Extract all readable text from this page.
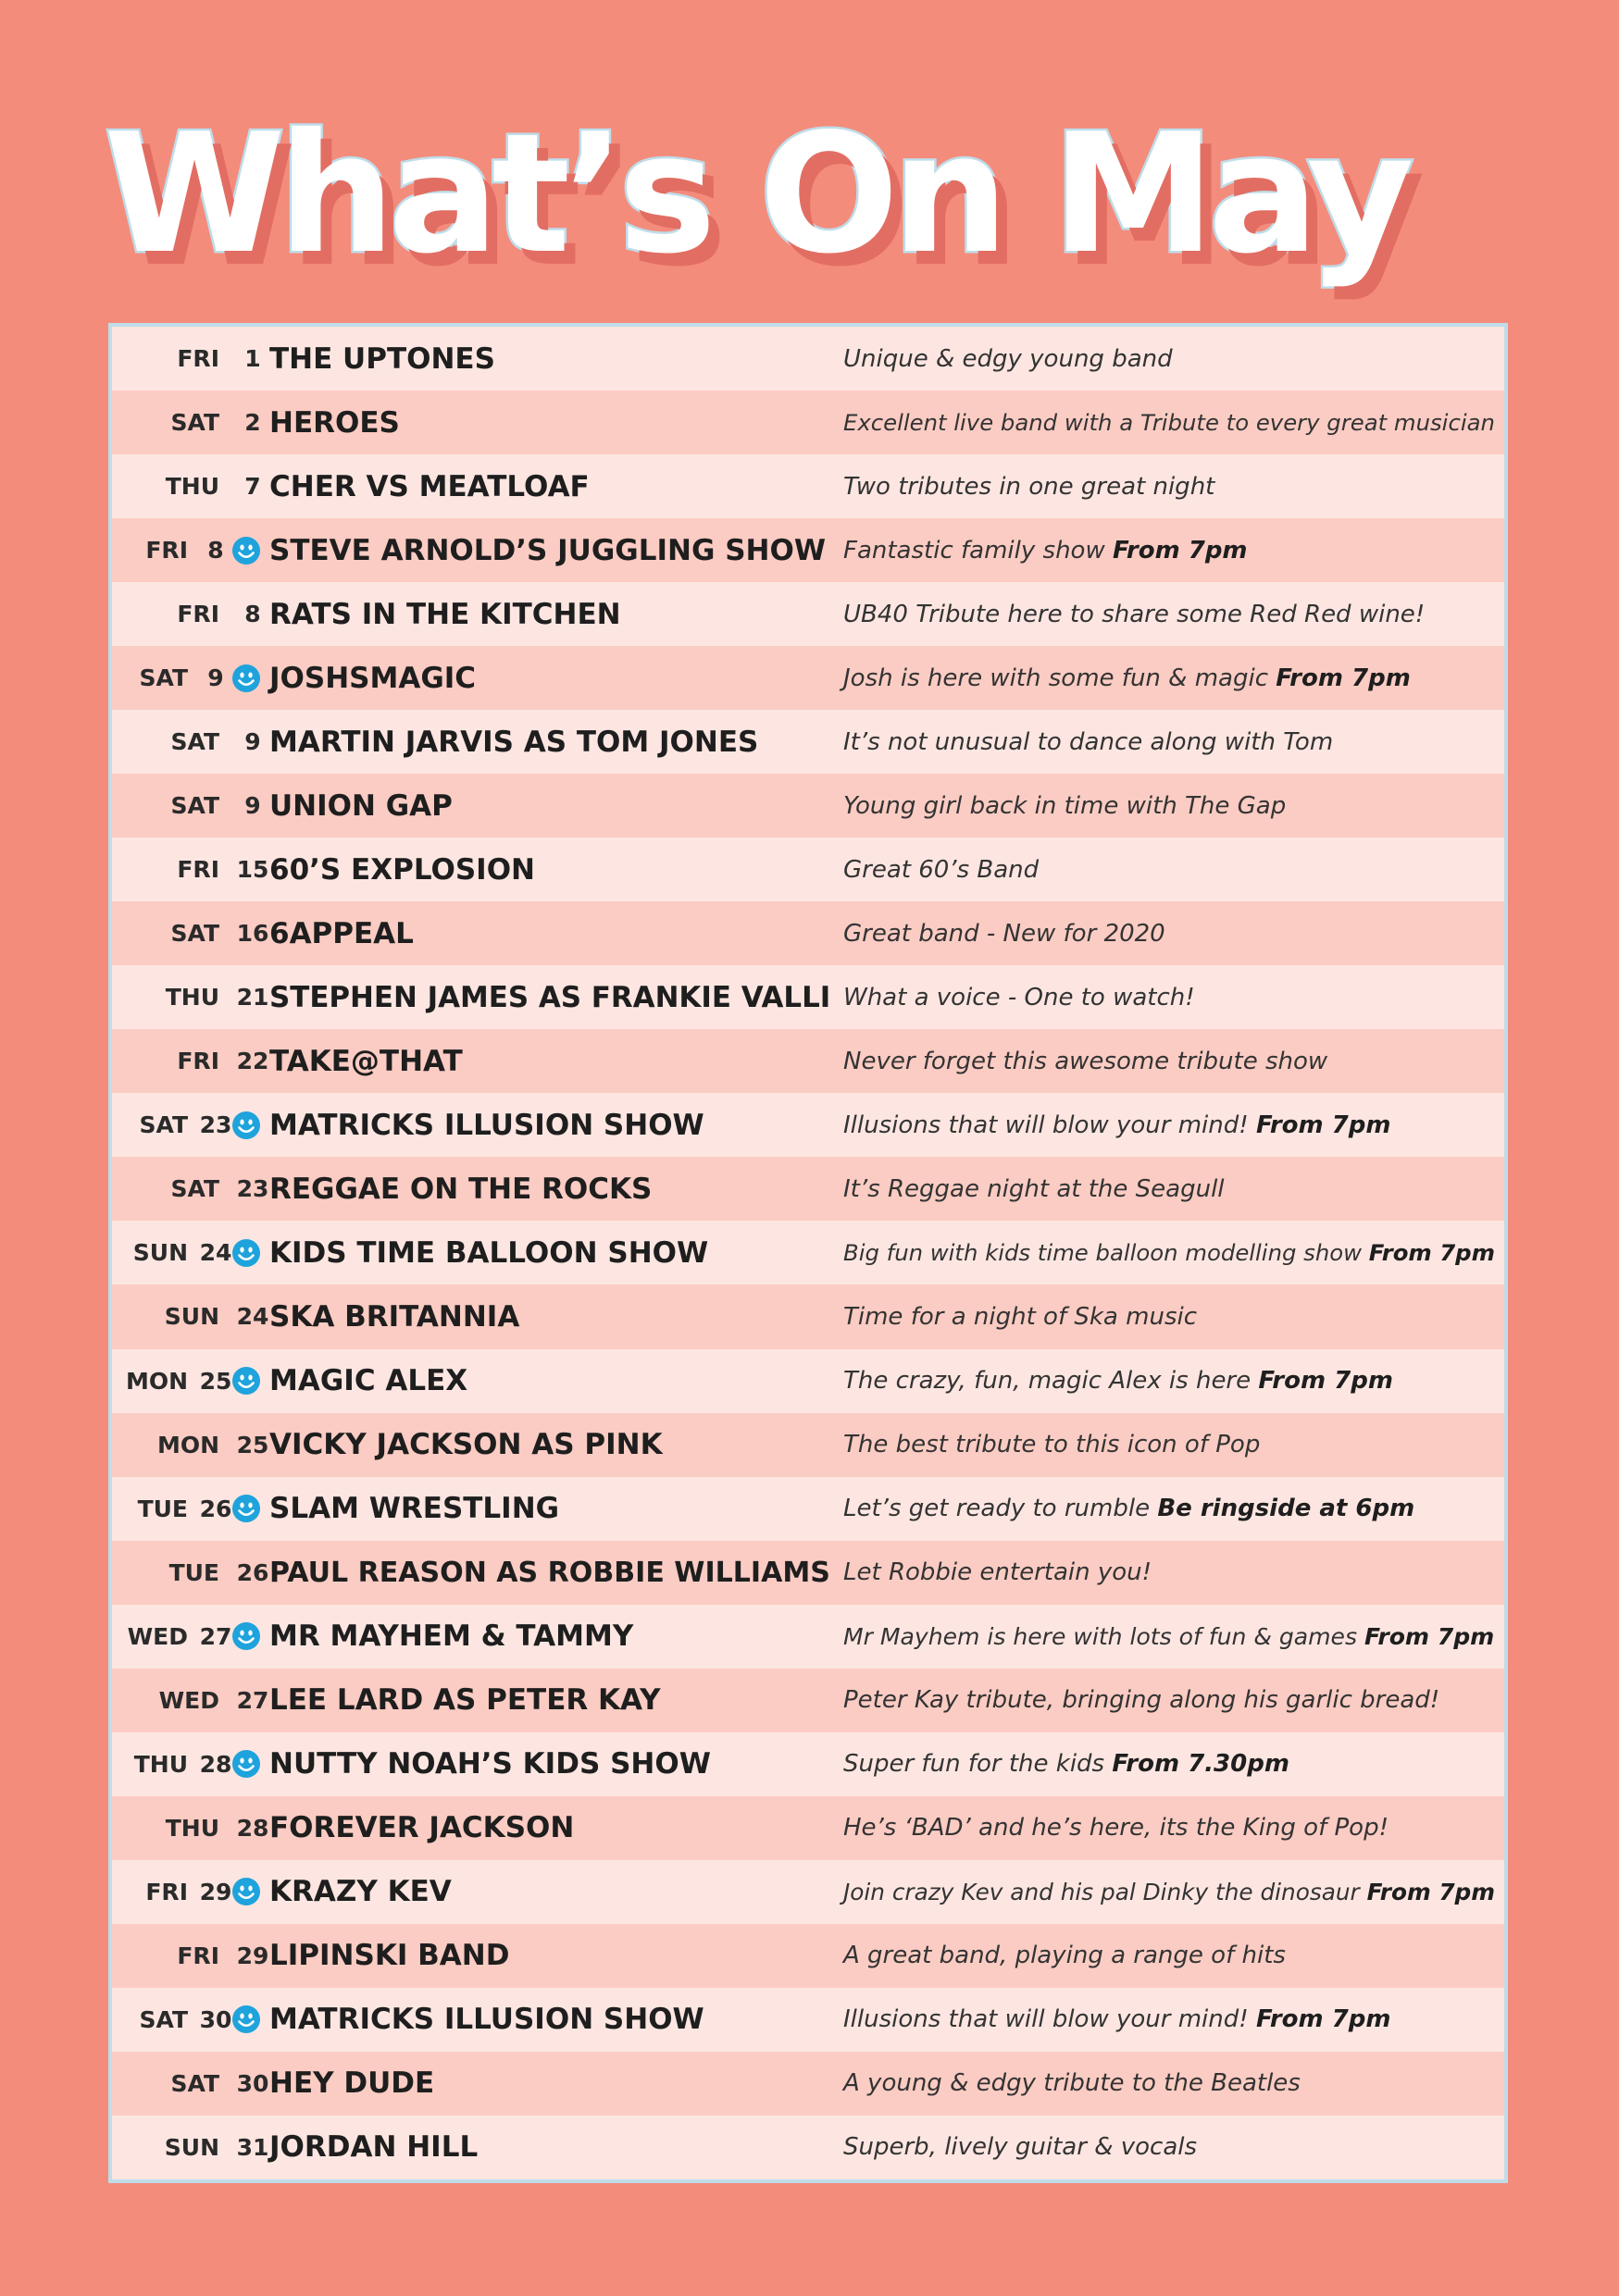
What’s On May
FRI	1 THE UPTONES	Unique & edgy young band
SAT	2 HEROES	Excellent live band with a Tribute to every great musician
THU	7 CHER VS MEATLOAF	Two tributes in one great night
FRI 8	STEVE ARNOLD’S JUGGLING SHOW Fantastic family show From 7pm
FRI	8 RATS IN THE KITCHEN	UB40 Tribute here to share some Red Red wine!
SAT 9	JOSHSMAGIC	Josh is here with some fun & magic From 7pm
SAT	9 MARTIN JARVIS AS TOM JONES	It’s not unusual to dance along with Tom
SAT	9 UNION GAP	Young girl back in time with The Gap
FRI 15 60’S EXPLOSION	Great 60’s Band
SAT 16 6APPEAL	Great band - New for 2020
THU 21 STEPHEN JAMES AS FRANKIE VALLI What a voice - One to watch!
FRI 22 TAKE@THAT	Never forget this awesome tribute show
SAT 23	MATRICKS ILLUSION SHOW	Illusions that will blow your mind! From 7pm
SAT 23 REGGAE ON THE ROCKS	It’s Reggae night at the Seagull
SUN 24	KIDS TIME BALLOON SHOW	Big fun with kids time balloon modelling show From 7pm
SUN 24 SKA BRITANNIA	Time for a night of Ska music
MON 25	MAGIC ALEX	The crazy, fun, magic Alex is here From 7pm
MON 25 VICKY JACKSON AS PINK	The best tribute to this icon of Pop
TUE 26	SLAM WRESTLING	Let’s get ready to rumble Be ringside at 6pm
TUE 26 PAUL REASON AS ROBBIE WILLIAMS Let Robbie entertain you!
WED 27	MR MAYHEM & TAMMY	Mr Mayhem is here with lots of fun & games From 7pm
WED 27 LEE LARD AS PETER KAY	Peter Kay tribute, bringing along his garlic bread!
THU 28	NUTTY NOAH’S KIDS SHOW	Super fun for the kids From 7.30pm
THU 28 FOREVER JACKSON	He’s ‘BAD’ and he’s here, its the King of Pop!
FRI 29	KRAZY KEV	Join crazy Kev and his pal Dinky the dinosaur From 7pm
FRI 29 LIPINSKI BAND	A great band, playing a range of hits
SAT 30	MATRICKS ILLUSION SHOW	Illusions that will blow your mind! From 7pm
SAT 30 HEY DUDE	A young & edgy tribute to the Beatles
SUN 31 JORDAN HILL	Superb, lively guitar & vocals
